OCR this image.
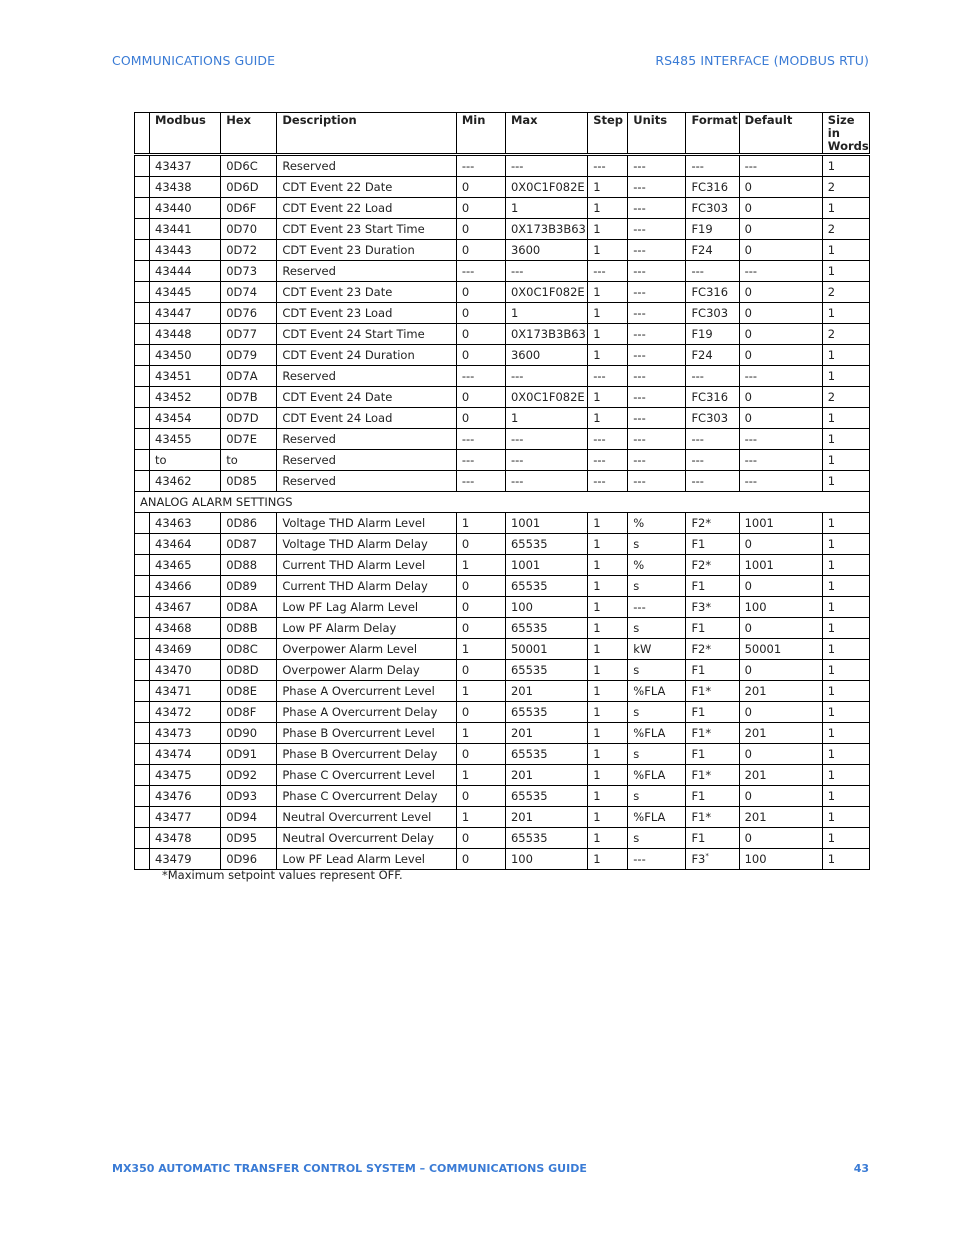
COMMUNICATIONS GUIDE	RS485 INTERFACE (MODBUS RTU)
	Modbus	Hex	Description	Min	Max	Step	Units	Format	Default	Size in Words
	43437	0D6C	Reserved	---	---	---	---	---	---	1
	43438	0D6D	CDT Event 22 Date	0	0X0C1F082E	1	---	FC316	0	2
	43440	0D6F	CDT Event 22 Load	0	1	1	---	FC303	0	1
	43441	0D70	CDT Event 23 Start Time	0	0X173B3B63	1	---	F19	0	2
	43443	0D72	CDT Event 23 Duration	0	3600	1	---	F24	0	1
	43444	0D73	Reserved	---	---	---	---	---	---	1
	43445	0D74	CDT Event 23 Date	0	0X0C1F082E	1	---	FC316	0	2
	43447	0D76	CDT Event 23 Load	0	1	1	---	FC303	0	1
	43448	0D77	CDT Event 24 Start Time	0	0X173B3B63	1	---	F19	0	2
	43450	0D79	CDT Event 24 Duration	0	3600	1	---	F24	0	1
	43451	0D7A	Reserved	---	---	---	---	---	---	1
	43452	0D7B	CDT Event 24 Date	0	0X0C1F082E	1	---	FC316	0	2
	43454	0D7D	CDT Event 24 Load	0	1	1	---	FC303	0	1
	43455	0D7E	Reserved	---	---	---	---	---	---	1
	to	to	Reserved	---	---	---	---	---	---	1
	43462	0D85	Reserved	---	---	---	---	---	---	1
ANALOG ALARM SETTINGS										
	43463	0D86	Voltage THD Alarm Level	1	1001	1	%	F2*	1001	1
	43464	0D87	Voltage THD Alarm Delay	0	65535	1	s	F1	0	1
	43465	0D88	Current THD Alarm Level	1	1001	1	%	F2*	1001	1
	43466	0D89	Current THD Alarm Delay	0	65535	1	s	F1	0	1
	43467	0D8A	Low PF Lag Alarm Level	0	100	1	---	F3*	100	1
	43468	0D8B	Low PF Alarm Delay	0	65535	1	s	F1	0	1
	43469	0D8C	Overpower Alarm Level	1	50001	1	kW	F2*	50001	1
	43470	0D8D	Overpower Alarm Delay	0	65535	1	s	F1	0	1
	43471	0D8E	Phase A Overcurrent Level	1	201	1	%FLA	F1*	201	1
	43472	0D8F	Phase A Overcurrent Delay	0	65535	1	s	F1	0	1
	43473	0D90	Phase B Overcurrent Level	1	201	1	%FLA	F1*	201	1
	43474	0D91	Phase B Overcurrent Delay	0	65535	1	s	F1	0	1
	43475	0D92	Phase C Overcurrent Level	1	201	1	%FLA	F1*	201	1
	43476	0D93	Phase C Overcurrent Delay	0	65535	1	s	F1	0	1
	43477	0D94	Neutral Overcurrent Level	1	201	1	%FLA	F1*	201	1
	43478	0D95	Neutral Overcurrent Delay	0	65535	1	s	F1	0	1
	43479	0D96	Low PF Lead Alarm Level	0	100	1	---	F3*	100	1
*Maximum setpoint values represent OFF.
MX350 AUTOMATIC TRANSFER CONTROL SYSTEM – COMMUNICATIONS GUIDE	43
